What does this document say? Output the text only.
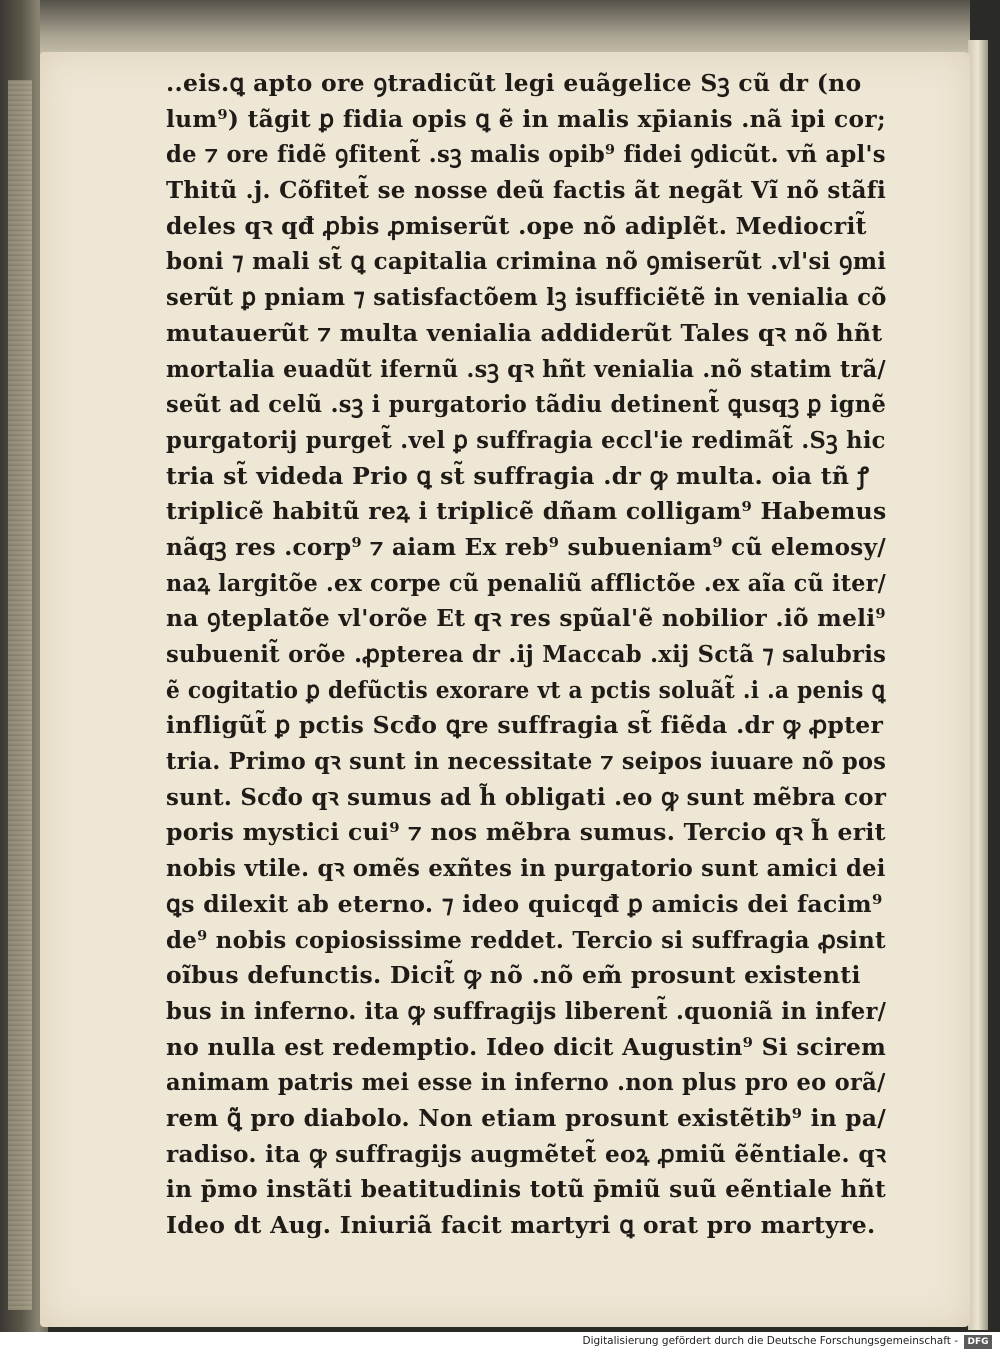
..eis.ꝗ apto ore ꝯtradicũt legi euãgelice Sꝫ cũ dr (no
lum⁹) tãgit ꝑ fidia opis ꝗ ẽ in malis xp̄ianis .nã ipi cor;
de ⁊ ore fidẽ ꝯfitent̃ .sꝫ malis opib⁹ fidei ꝯdicũt. vñ apl's
Thitũ .j. Cõfitet̃ se nosse deũ factis ãt negãt Vĩ nõ stãfi
deles qꝛ qđ ꝓbis ꝓmiserũt .ope nõ adiplẽt. Mediocrit̃
boni ⁊ mali st̃ ꝗ capitalia crimina nõ ꝯmiserũt .vl'si ꝯmi
serũt ꝑ pniam ⁊ satisfactõem lꝫ isufficiẽtẽ in venialia cõ
mutauerũt ⁊ multa venialia addiderũt Tales qꝛ nõ hñt
mortalia euadũt ifernũ .sꝫ qꝛ hñt venialia .nõ statim trã/
seũt ad celũ .sꝫ i purgatorio tãdiu detinent̃ ꝗusqꝫ ꝑ ignẽ
purgatorij purget̃ .vel ꝑ suffragia eccl'ie redimãt̃ .Sꝫ hic
tria st̃ videda Prio ꝗ st̃ suffragia .dr ꝙ multa. oia tñ ꝭ
triplicẽ habitũ reꝝ i triplicẽ dñam colligam⁹ Habemus
nãqꝫ res .corp⁹ ⁊ aiam Ex reb⁹ subueniam⁹ cũ elemosy/
naꝝ largitõe .ex corpe cũ penaliũ afflictõe .ex aĩa cũ iter/
na ꝯteplatõe vl'orõe Et qꝛ res spũal'ẽ nobilior .iõ meli⁹
subuenit̃ orõe .ꝓpterea dr .ij Maccab .xij Sctã ⁊ salubris
ẽ cogitatio ꝑ defũctis exorare vt a pctis soluãt̃ .i .a penis ꝗ
infligũt̃ ꝑ pctis Scđo ꝗre suffragia st̃ fiẽda .dr ꝙ ꝓpter
tria. Primo qꝛ sunt in necessitate ⁊ seipos iuuare nõ pos
sunt. Scđo qꝛ sumus ad h̃ obligati .eo ꝙ sunt mẽbra cor
poris mystici cui⁹ ⁊ nos mẽbra sumus. Tercio qꝛ h̃ erit
nobis vtile. qꝛ omẽs exñtes in purgatorio sunt amici dei
ꝗs dilexit ab eterno. ⁊ ideo quicqđ ꝑ amicis dei facim⁹
de⁹ nobis copiosissime reddet. Tercio si suffragia ꝓsint
oĩbus defunctis. Dicit̃ ꝙ nõ .nõ em̃ prosunt existenti
bus in inferno. ita ꝙ suffragijs liberent̃ .quoniã in infer/
no nulla est redemptio. Ideo dicit Augustin⁹ Si scirem
animam patris mei esse in inferno .non plus pro eo orã/
rem ꝗ̃ pro diabolo. Non etiam prosunt existẽtib⁹ in pa/
radiso. ita ꝙ suffragijs augmẽtet̃ eoꝝ ꝓmiũ ẽẽntiale. qꝛ
in p̄mo instãti beatitudinis totũ p̄miũ suũ eẽntiale hñt
Ideo dt Aug. Iniuriã facit martyri ꝗ orat pro martyre.
Digitalisierung gefördert durch die Deutsche Forschungsgemeinschaft -	DFG
